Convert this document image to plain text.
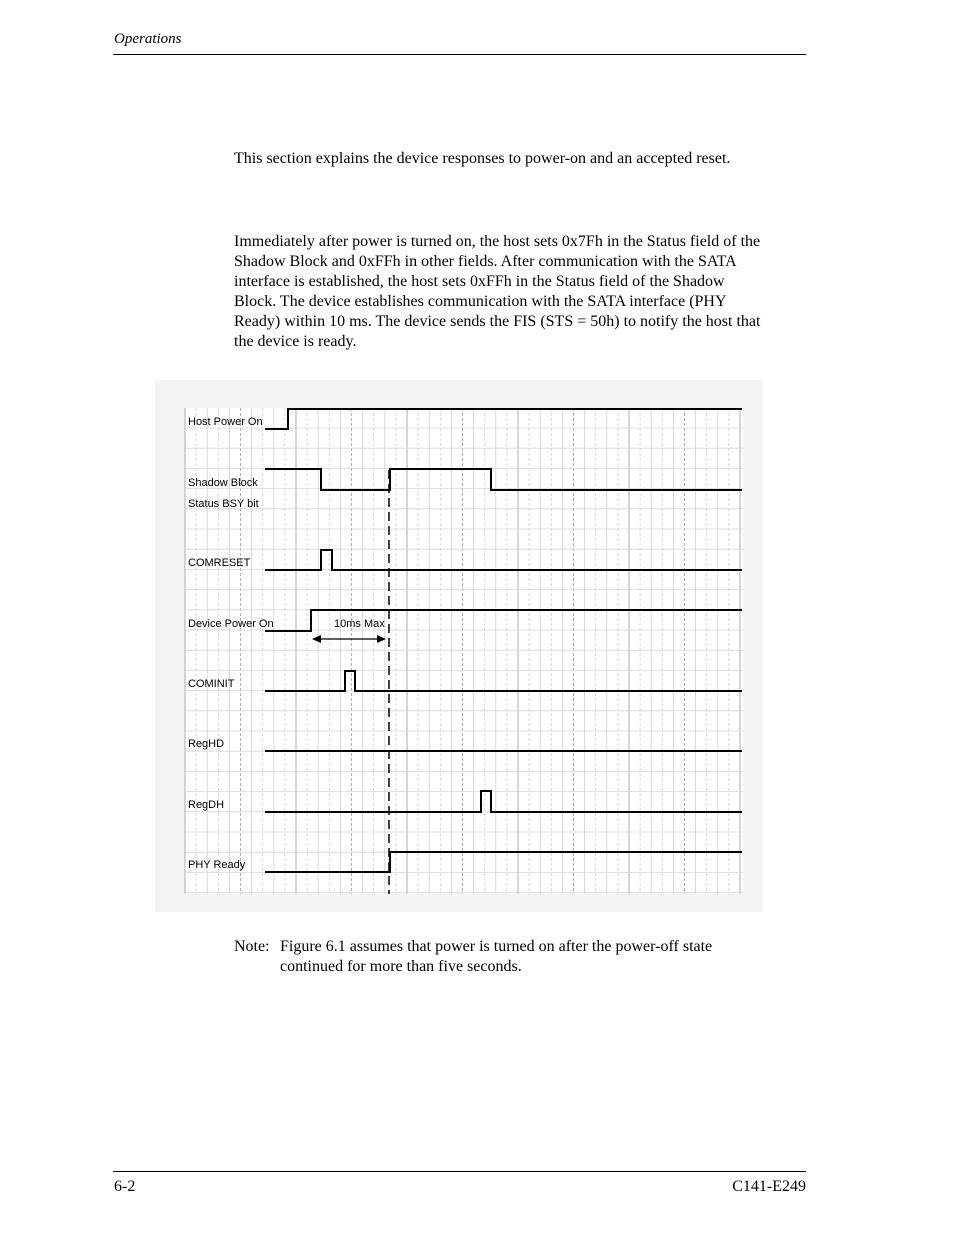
Operations
This section explains the device responses to power-on and an accepted reset.
Immediately after power is turned on, the host sets 0x7Fh in the Status field of the
Shadow Block and 0xFFh in other fields. After communication with the SATA
interface is established, the host sets 0xFFh in the Status field of the Shadow
Block. The device establishes communication with the SATA interface (PHY
Ready) within 10 ms. The device sends the FIS (STS = 50h) to notify the host that
the device is ready.
Host Power On
Shadow Block
Status BSY bit
COMRESET
Device Power On
COMINIT
RegHD
RegDH
PHY Ready
10ms Max
Note: Figure 6.1 assumes that power is turned on after the power-off state
continued for more than five seconds.
6-2	C141-E249
